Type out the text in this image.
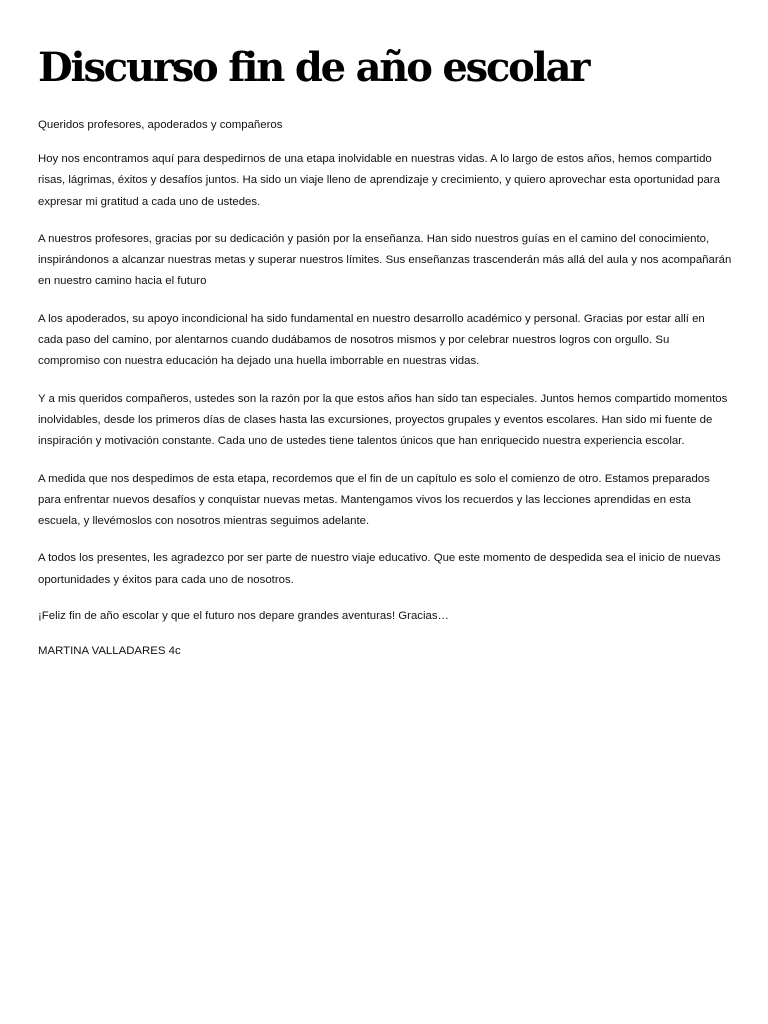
Discurso fin de año escolar

Queridos profesores, apoderados y compañeros

Hoy nos encontramos aquí para despedirnos de una etapa inolvidable en nuestras vidas. A lo largo de estos años, hemos compartido risas, lágrimas, éxitos y desafíos juntos. Ha sido un viaje lleno de aprendizaje y crecimiento, y quiero aprovechar esta oportunidad para expresar mi gratitud a cada uno de ustedes.

A nuestros profesores, gracias por su dedicación y pasión por la enseñanza. Han sido nuestros guías en el camino del conocimiento, inspirándonos a alcanzar nuestras metas y superar nuestros límites. Sus enseñanzas trascenderán más allá del aula y nos acompañarán en nuestro camino hacia el futuro

A los apoderados, su apoyo incondicional ha sido fundamental en nuestro desarrollo académico y personal. Gracias por estar allí en cada paso del camino, por alentarnos cuando dudábamos de nosotros mismos y por celebrar nuestros logros con orgullo. Su compromiso con nuestra educación ha dejado una huella imborrable en nuestras vidas.

Y a mis queridos compañeros, ustedes son la razón por la que estos años han sido tan especiales. Juntos hemos compartido momentos inolvidables, desde los primeros días de clases hasta las excursiones, proyectos grupales y eventos escolares. Han sido mi fuente de inspiración y motivación constante. Cada uno de ustedes tiene talentos únicos que han enriquecido nuestra experiencia escolar.

A medida que nos despedimos de esta etapa, recordemos que el fin de un capítulo es solo el comienzo de otro. Estamos preparados para enfrentar nuevos desafíos y conquistar nuevas metas. Mantengamos vivos los recuerdos y las lecciones aprendidas en esta escuela, y llevémoslos con nosotros mientras seguimos adelante.

A todos los presentes, les agradezco por ser parte de nuestro viaje educativo. Que este momento de despedida sea el inicio de nuevas oportunidades y éxitos para cada uno de nosotros.

¡Feliz fin de año escolar y que el futuro nos depare grandes aventuras! Gracias…

MARTINA VALLADARES 4c
